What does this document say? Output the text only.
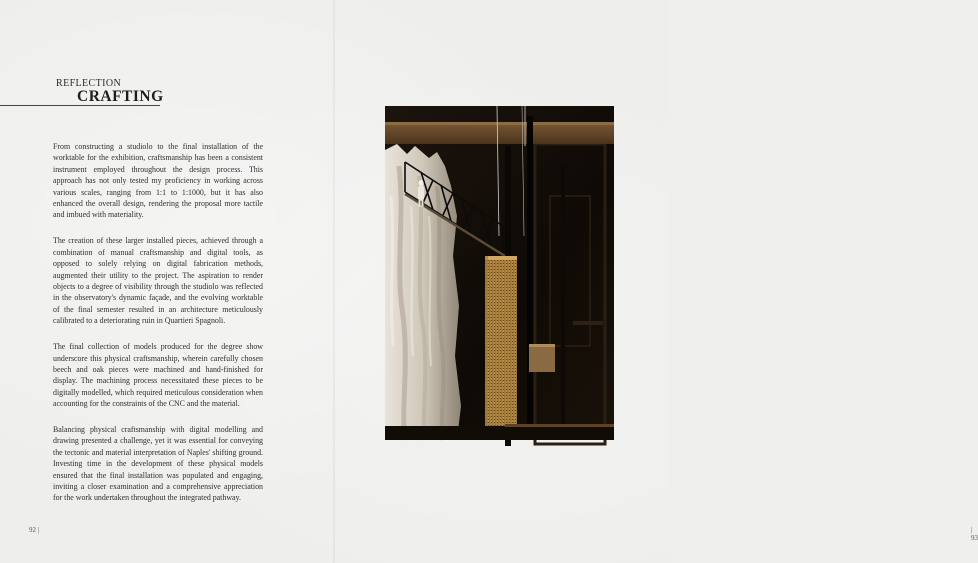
REFLECTION
CRAFTING

From constructing a studiolo to the final installation of the worktable for the exhibition, craftsmanship has been a consistent instrument employed throughout the design process. This approach has not only tested my proficiency in working across various scales, ranging from 1:1 to 1:1000, but it has also enhanced the overall design, rendering the proposal more tactile and imbued with materiality.

The creation of these larger installed pieces, achieved through a combination of manual craftsmanship and digital tools, as opposed to solely relying on digital fabrication methods, augmented their utility to the project. The aspiration to render objects to a degree of visibility through the studiolo was reflected in the observatory's dynamic façade, and the evolving worktable of the final semester resulted in an architecture meticulously calibrated to a deteriorating ruin in Quartieri Spagnoli.

The final collection of models produced for the degree show underscore this physical craftsmanship, wherein carefully chosen beech and oak pieces were machined and hand-finished for display. The machining process necessitated these pieces to be digitally modelled, which required meticulous consideration when accounting for the constraints of the CNC and the material.

Balancing physical craftsmanship with digital modelling and drawing presented a challenge, yet it was essential for conveying the tectonic and material interpretation of Naples' shifting ground. Investing time in the development of these physical models ensured that the final installation was populated and engaging, inviting a closer examination and a comprehensive appreciation for the work undertaken throughout the integrated pathway.

92 |	| 93
